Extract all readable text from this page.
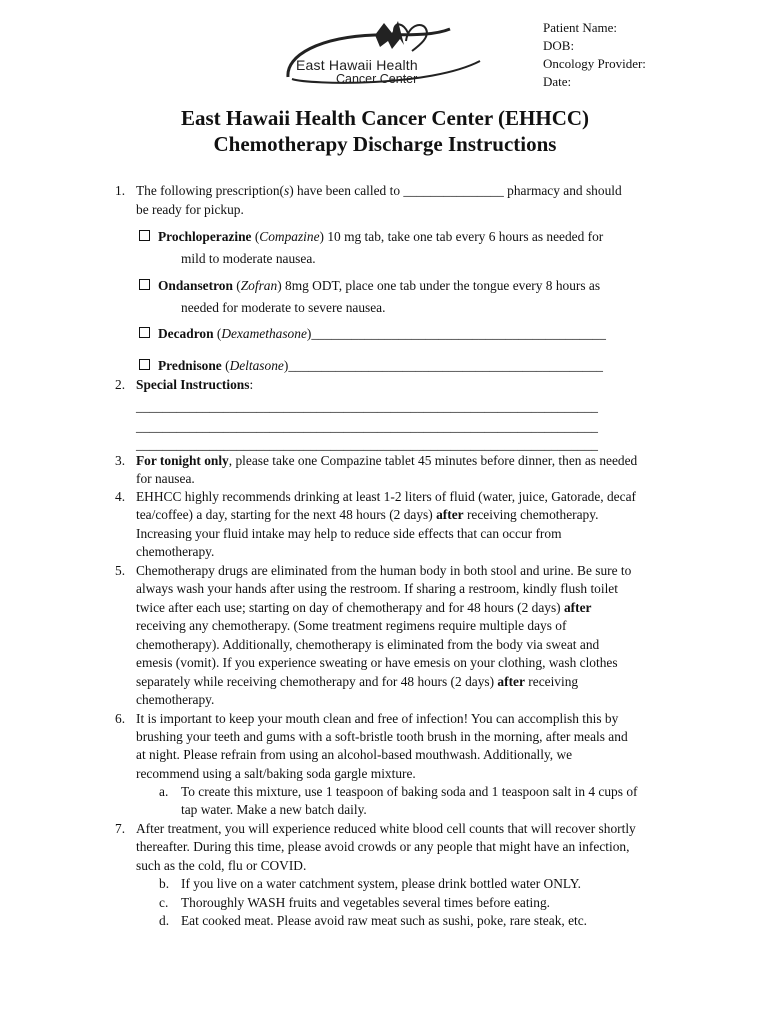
East Hawaii Health
Cancer Center
Patient Name:
DOB:
Oncology Provider:
Date:
East Hawaii Health Cancer Center (EHHCC)
Chemotherapy Discharge Instructions
1. The following prescription(s) have been called to _______________ pharmacy and should
be ready for pickup.
Prochloperazine (Compazine) 10 mg tab, take one tab every 6 hours as needed for
mild to moderate nausea.
Ondansetron (Zofran) 8mg ODT, place one tab under the tongue every 8 hours as
needed for moderate to severe nausea.
Decadron (Dexamethasone)____________________________________________
Prednisone (Deltasone)_______________________________________________
2. Special Instructions:
_____________________________________________________________________
_____________________________________________________________________
_____________________________________________________________________
3. For tonight only, please take one Compazine tablet 45 minutes before dinner, then as needed
for nausea.
4. EHHCC highly recommends drinking at least 1-2 liters of fluid (water, juice, Gatorade, decaf
tea/coffee) a day, starting for the next 48 hours (2 days) after receiving chemotherapy.
Increasing your fluid intake may help to reduce side effects that can occur from
chemotherapy.
5. Chemotherapy drugs are eliminated from the human body in both stool and urine. Be sure to
always wash your hands after using the restroom. If sharing a restroom, kindly flush toilet
twice after each use; starting on day of chemotherapy and for 48 hours (2 days) after
receiving any chemotherapy. (Some treatment regimens require multiple days of
chemotherapy). Additionally, chemotherapy is eliminated from the body via sweat and
emesis (vomit). If you experience sweating or have emesis on your clothing, wash clothes
separately while receiving chemotherapy and for 48 hours (2 days) after receiving
chemotherapy.
6. It is important to keep your mouth clean and free of infection! You can accomplish this by
brushing your teeth and gums with a soft-bristle tooth brush in the morning, after meals and
at night. Please refrain from using an alcohol-based mouthwash. Additionally, we
recommend using a salt/baking soda gargle mixture.
a. To create this mixture, use 1 teaspoon of baking soda and 1 teaspoon salt in 4 cups of
tap water. Make a new batch daily.
7. After treatment, you will experience reduced white blood cell counts that will recover shortly
thereafter. During this time, please avoid crowds or any people that might have an infection,
such as the cold, flu or COVID.
b. If you live on a water catchment system, please drink bottled water ONLY.
c. Thoroughly WASH fruits and vegetables several times before eating.
d. Eat cooked meat. Please avoid raw meat such as sushi, poke, rare steak, etc.
